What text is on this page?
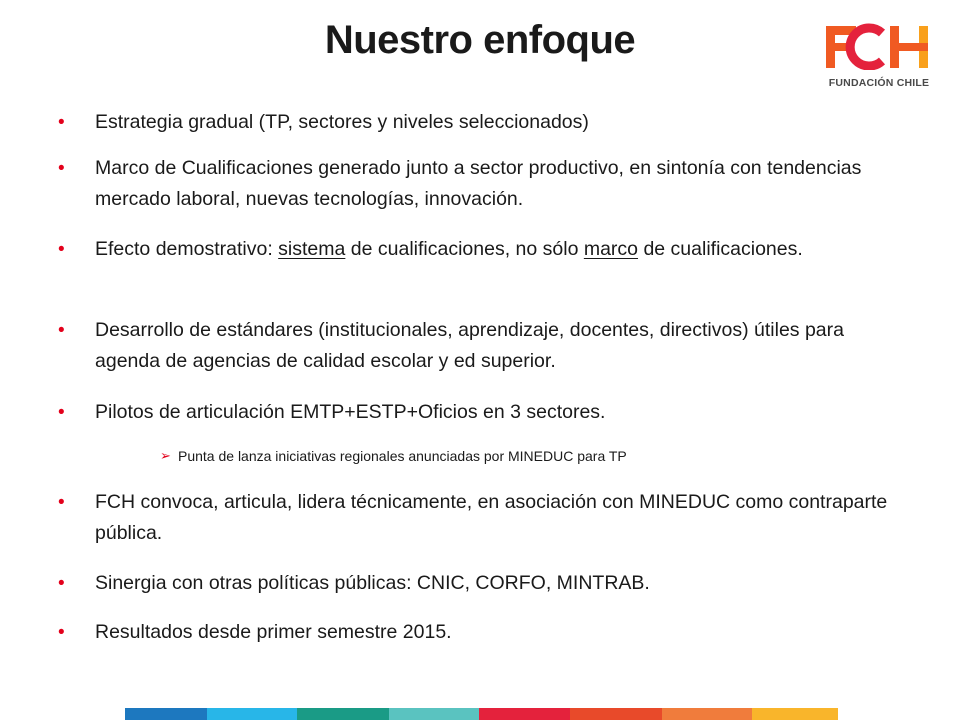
Nuestro enfoque
FUNDACIÓN CHILE
• Estrategia gradual (TP, sectores y niveles seleccionados)
• Marco de Cualificaciones generado junto a sector productivo, en sintonía con tendencias mercado laboral, nuevas tecnologías, innovación.
• Efecto demostrativo: sistema de cualificaciones, no sólo marco de cualificaciones.
• Desarrollo de estándares (institucionales, aprendizaje, docentes, directivos) útiles para agenda de agencias de calidad escolar y ed superior.
• Pilotos de articulación EMTP+ESTP+Oficios en 3 sectores.
➢ Punta de lanza iniciativas regionales anunciadas por MINEDUC para TP
• FCH convoca, articula, lidera técnicamente, en asociación con MINEDUC como contraparte pública.
• Sinergia con otras políticas públicas: CNIC, CORFO, MINTRAB.
• Resultados desde primer semestre 2015.
